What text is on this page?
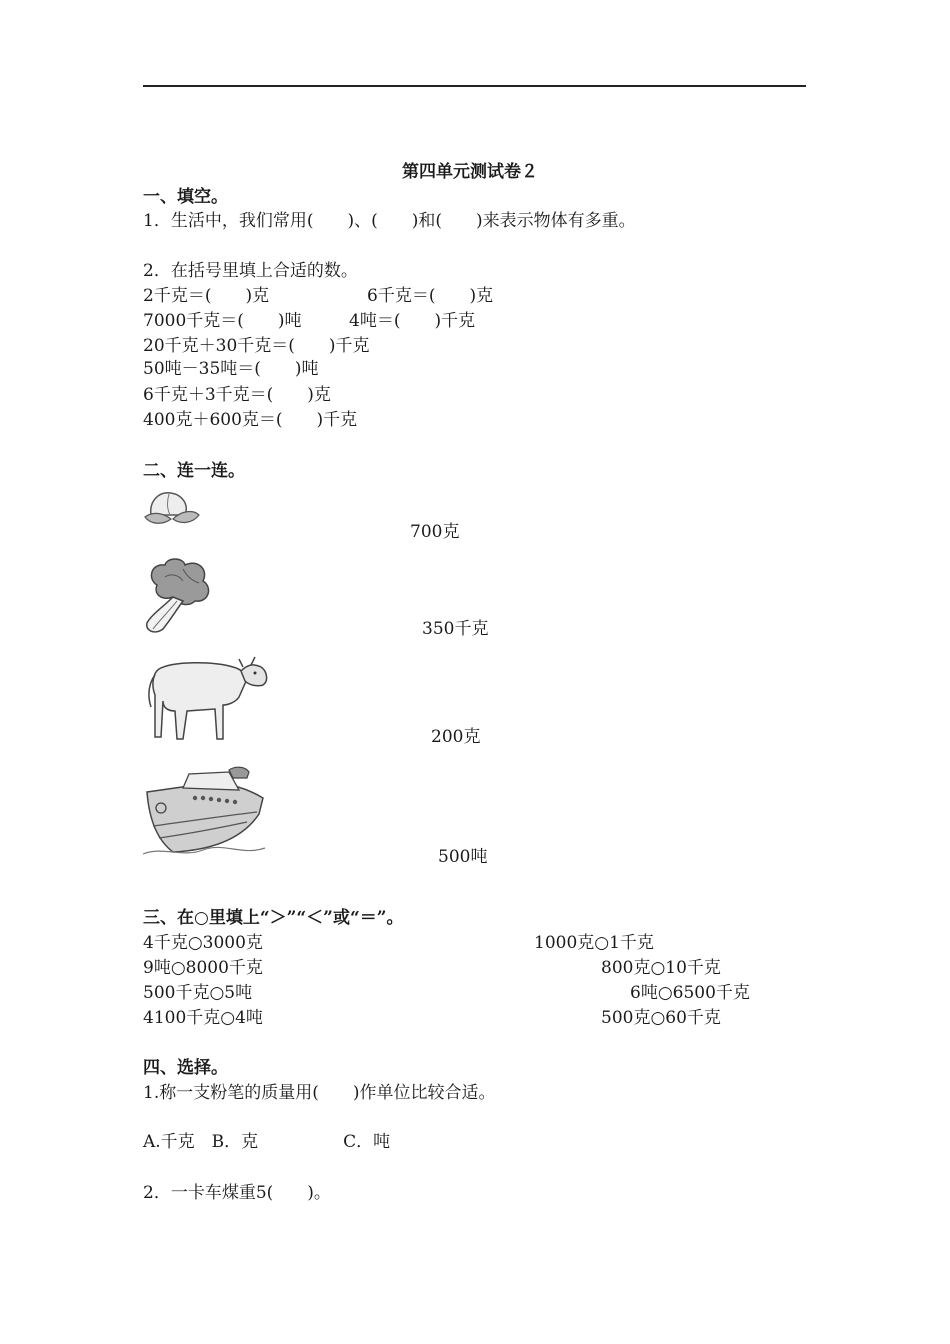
第四单元测试卷２
一、填空。
1．生活中，我们常用(　　)、(　　)和(　　)来表示物体有多重。
2．在括号里填上合适的数。
2千克＝(　　)克	6千克＝(　　)克
7000千克＝(　　)吨	4吨＝(　　)千克
20千克＋30千克＝(　　)千克
50吨－35吨＝(　　)吨
6千克＋3千克＝(　　)克
400克＋600克＝(　　)千克
二、连一连。
700克
350千克
200克
500吨
三、在○里填上“＞”“＜”或“＝”。
4千克○3000克
9吨○8000千克
500千克○5吨
4100千克○4吨
1000克○1千克
800克○10千克
6吨○6500千克
500克○60千克
四、选择。
1.称一支粉笔的质量用(　　)作单位比较合适。
A.千克　B．克　　　　　C．吨
2．一卡车煤重5(　　)。
